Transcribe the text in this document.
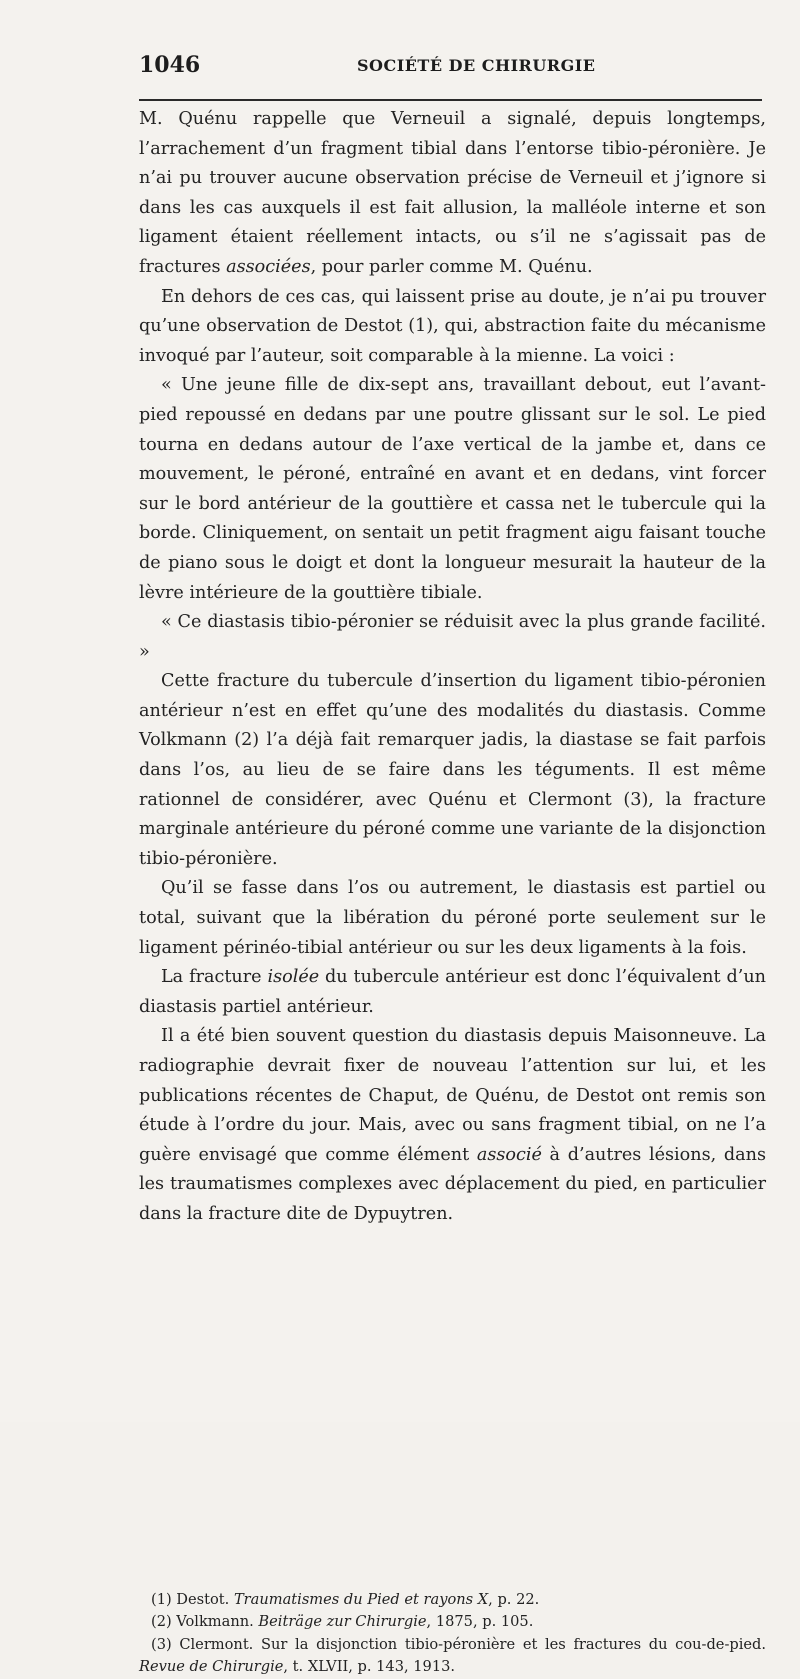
1046	SOCIÉTÉ DE CHIRURGIE

M. Quénu rappelle que Verneuil a signalé, depuis longtemps, l’arrachement d’un fragment tibial dans l’entorse tibio-péronière. Je n’ai pu trouver aucune observation précise de Verneuil et j’ignore si dans les cas auxquels il est fait allusion, la malléole interne et son ligament étaient réellement intacts, ou s’il ne s’agissait pas de fractures associées, pour parler comme M. Quénu.

En dehors de ces cas, qui laissent prise au doute, je n’ai pu trouver qu’une observation de Destot (1), qui, abstraction faite du mécanisme invoqué par l’auteur, soit comparable à la mienne. La voici :

« Une jeune fille de dix-sept ans, travaillant debout, eut l’avant-pied repoussé en dedans par une poutre glissant sur le sol. Le pied tourna en dedans autour de l’axe vertical de la jambe et, dans ce mouvement, le péroné, entraîné en avant et en dedans, vint forcer sur le bord antérieur de la gouttière et cassa net le tubercule qui la borde. Cliniquement, on sentait un petit fragment aigu faisant touche de piano sous le doigt et dont la longueur mesurait la hauteur de la lèvre intérieure de la gouttière tibiale.

« Ce diastasis tibio-péronier se réduisit avec la plus grande facilité. »

Cette fracture du tubercule d’insertion du ligament tibio-péronien antérieur n’est en effet qu’une des modalités du diastasis. Comme Volkmann (2) l’a déjà fait remarquer jadis, la diastase se fait parfois dans l’os, au lieu de se faire dans les téguments. Il est même rationnel de considérer, avec Quénu et Clermont (3), la fracture marginale antérieure du péroné comme une variante de la disjonction tibio-péronière.

Qu’il se fasse dans l’os ou autrement, le diastasis est partiel ou total, suivant que la libération du péroné porte seulement sur le ligament périnéo-tibial antérieur ou sur les deux ligaments à la fois.

La fracture isolée du tubercule antérieur est donc l’équivalent d’un diastasis partiel antérieur.

Il a été bien souvent question du diastasis depuis Maisonneuve. La radiographie devrait fixer de nouveau l’attention sur lui, et les publications récentes de Chaput, de Quénu, de Destot ont remis son étude à l’ordre du jour. Mais, avec ou sans fragment tibial, on ne l’a guère envisagé que comme élément associé à d’autres lésions, dans les traumatismes complexes avec déplacement du pied, en particulier dans la fracture dite de Dypuytren.

(1) Destot. Traumatismes du Pied et rayons X, p. 22.

(2) Volkmann. Beiträge zur Chirurgie, 1875, p. 105.

(3) Clermont. Sur la disjonction tibio-péronière et les fractures du cou-de-pied. Revue de Chirurgie, t. XLVII, p. 143, 1913.
